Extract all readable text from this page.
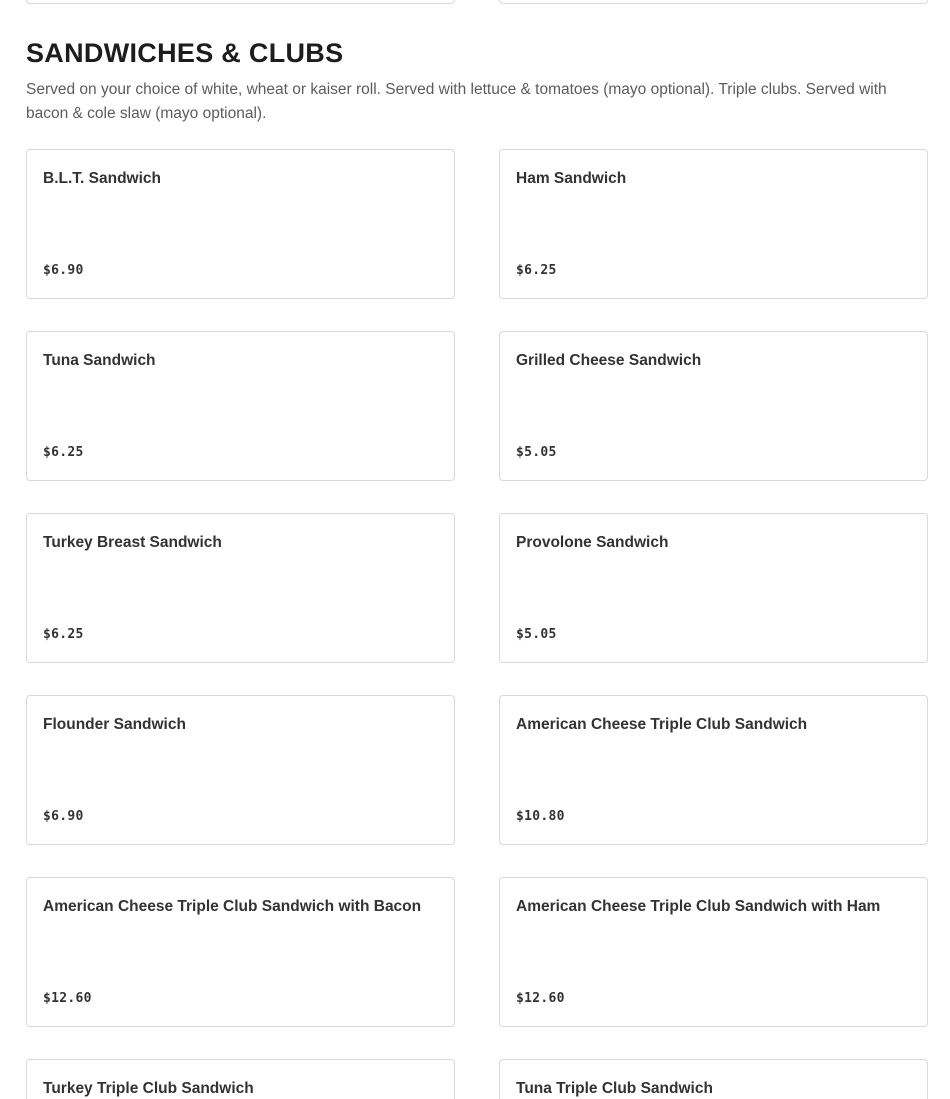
SANDWICHES & CLUBS

Served on your choice of white, wheat or kaiser roll. Served with lettuce & tomatoes (mayo optional). Triple clubs. Served with bacon & cole slaw (mayo optional).

B.L.T. Sandwich
$6.90
Ham Sandwich
$6.25
Tuna Sandwich
$6.25
Grilled Cheese Sandwich
$5.05
Turkey Breast Sandwich
$6.25
Provolone Sandwich
$5.05
Flounder Sandwich
$6.90
American Cheese Triple Club Sandwich
$10.80
American Cheese Triple Club Sandwich with Bacon
$12.60
American Cheese Triple Club Sandwich with Ham
$12.60
Turkey Triple Club Sandwich	Tuna Triple Club Sandwich
